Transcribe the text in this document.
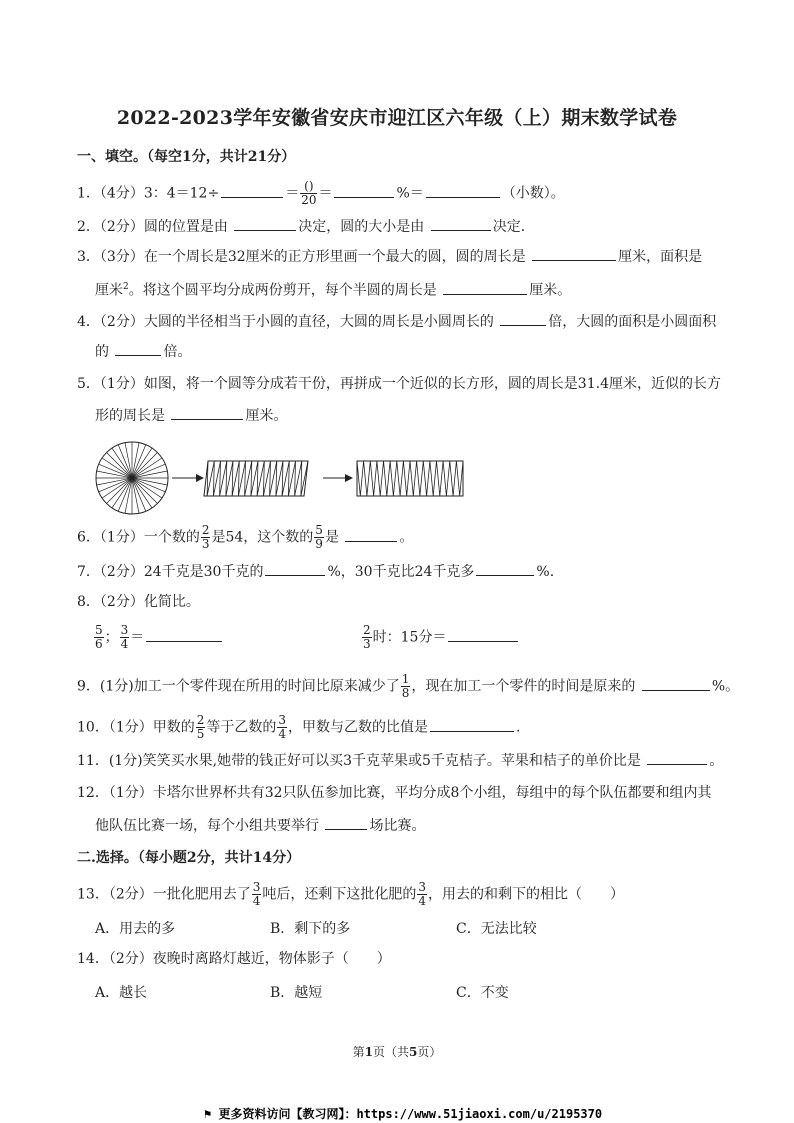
2022-2023学年安徽省安庆市迎江区六年级（上）期末数学试卷
一、填空。（每空1分，共计21分）
1．（4分）3：4＝12÷	＝ $\frac{()}{20}$ ＝	%＝	（小数）。
2．（2分）圆的位置是由	决定，圆的大小是由	决定．
3．（3分）在一个周长是32厘米的正方形里画一个最大的圆，圆的周长是	厘米，面积是
厘米$^2$。将这个圆平均分成两份剪开，每个半圆的周长是	厘米。
4．（2分）大圆的半径相当于小圆的直径，大圆的周长是小圆周长的	倍，大圆的面积是小圆面积
的	倍。
5．（1分）如图，将一个圆等分成若干份，再拼成一个近似的长方形，圆的周长是31.4厘米，近似的长方
形的周长是	厘米。
6．（1分）一个数的 $\frac{2}{3}$ 是54，这个数的 $\frac{5}{9}$ 是	。
7．（2分）24千克是30千克的	%，30千克比24千克多	%.
8．（2分）化简比。
$\frac{5}{6}$ ； $\frac{3}{4}$ ＝	$\frac{2}{3}$ 时：15分＝
9．(1分)加工一个零件现在所用的时间比原来减少了 $\frac{1}{8}$ ，现在加工一个零件的时间是原来的	%。
10．（1分）甲数的 $\frac{2}{5}$ 等于乙数的 $\frac{3}{4}$ ，甲数与乙数的比值是	.
11．(1分)笑笑买水果,她带的钱正好可以买3千克苹果或5千克桔子。苹果和桔子的单价比是	。
12．（1分）卡塔尔世界杯共有32只队伍参加比赛，平均分成8个小组，每组中的每个队伍都要和组内其
他队伍比赛一场，每个小组共要举行	场比赛。
二.选择。（每小题2分，共计14分）
13．（2分）一批化肥用去了 $\frac{3}{4}$ 吨后，还剩下这批化肥的 $\frac{3}{4}$ ，用去的和剩下的相比（　　）
A．用去的多	B．剩下的多	C．无法比较
14．（2分）夜晚时离路灯越近，物体影子（　　）
A．越长	B．越短	C．不变
第1页（共5页）
⚑ 更多资料访问【教习网】：https://www.51jiaoxi.com/u/2195370
